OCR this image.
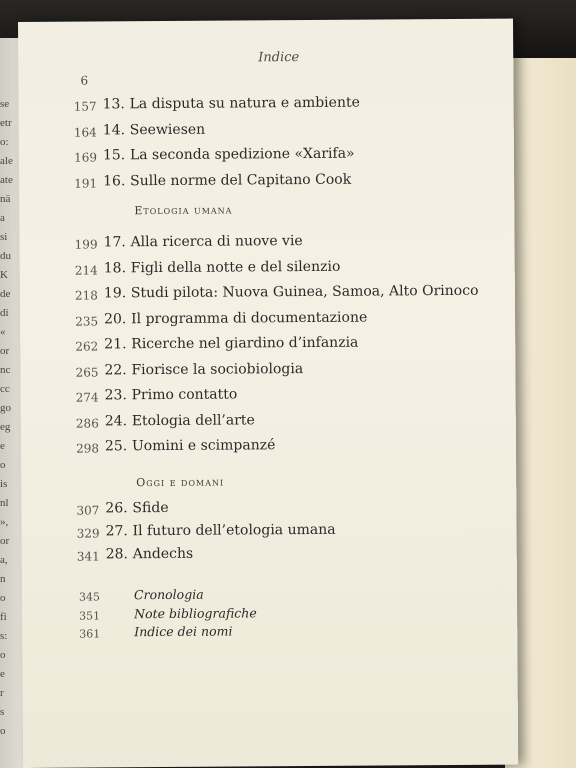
se
etr
o:
ale
ate
nä
a
si
du
K
de
di
«
or
nc
cc
go
eg
e
o
is
nl
»,
or
a,
n
o
fi
s:
o
e
r
s
o
Indice
6
157 13. La disputa su natura e ambiente
164 14. Seewiesen
169 15. La seconda spedizione «Xarifa»
191 16. Sulle norme del Capitano Cook
Etologia umana
199 17. Alla ricerca di nuove vie
214 18. Figli della notte e del silenzio
218 19. Studi pilota: Nuova Guinea, Samoa, Alto Orinoco
235 20. Il programma di documentazione
262 21. Ricerche nel giardino d’infanzia
265 22. Fiorisce la sociobiologia
274 23. Primo contatto
286 24. Etologia dell’arte
298 25. Uomini e scimpanzé
Oggi e domani
307 26. Sfide
329 27. Il futuro dell’etologia umana
341 28. Andechs
345	Cronologia
351	Note bibliografiche
361	Indice dei nomi
